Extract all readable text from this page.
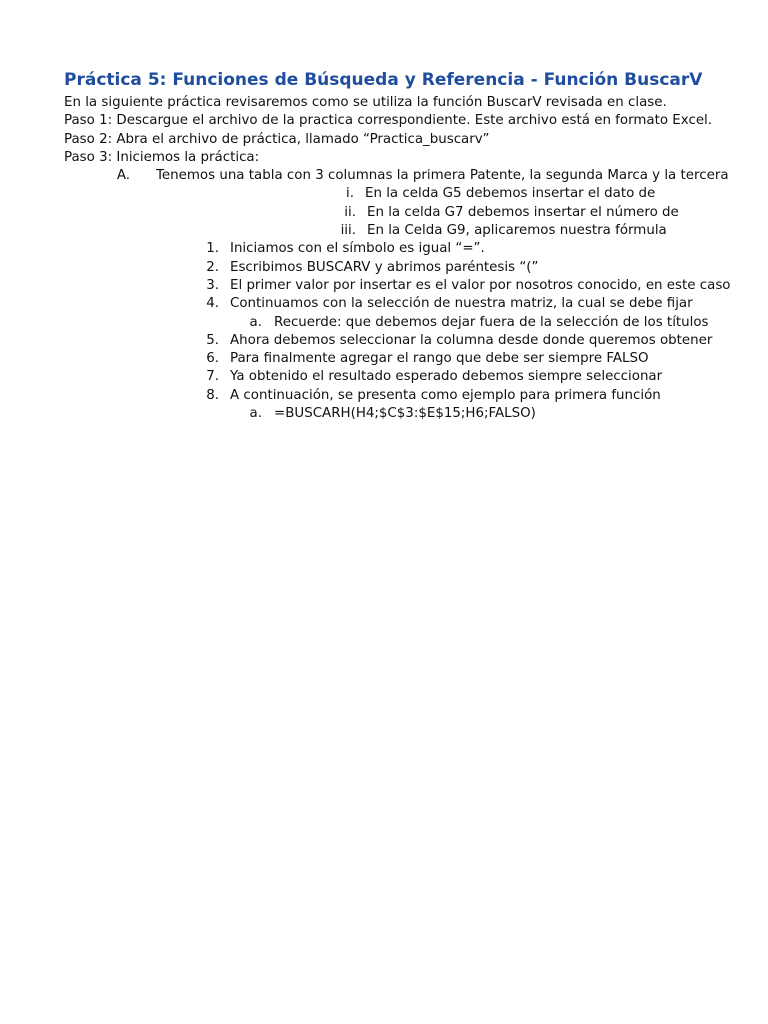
Práctica 5: Funciones de Búsqueda y Referencia - Función BuscarV
En la siguiente práctica revisaremos como se utiliza la función BuscarV revisada en clase.
Paso 1: Descargue el archivo de la practica correspondiente. Este archivo está en formato Excel.
Paso 2: Abra el archivo de práctica, llamado “Practica_buscarv”
Paso 3: Iniciemos la práctica:
A. Tenemos una tabla con 3 columnas la primera Patente, la segunda Marca y la tercera
i. En la celda G5 debemos insertar el dato de
ii. En la celda G7 debemos insertar el número de
iii. En la Celda G9, aplicaremos nuestra fórmula
1. Iniciamos con el símbolo es igual “=”.
2. Escribimos BUSCARV y abrimos paréntesis “(”
3. El primer valor por insertar es el valor por nosotros conocido, en este caso
4. Continuamos con la selección de nuestra matriz, la cual se debe fijar
a. Recuerde: que debemos dejar fuera de la selección de los títulos
5. Ahora debemos seleccionar la columna desde donde queremos obtener
6. Para finalmente agregar el rango que debe ser siempre FALSO
7. Ya obtenido el resultado esperado debemos siempre seleccionar
8. A continuación, se presenta como ejemplo para primera función
a. =BUSCARH(H4;$C$3:$E$15;H6;FALSO)
